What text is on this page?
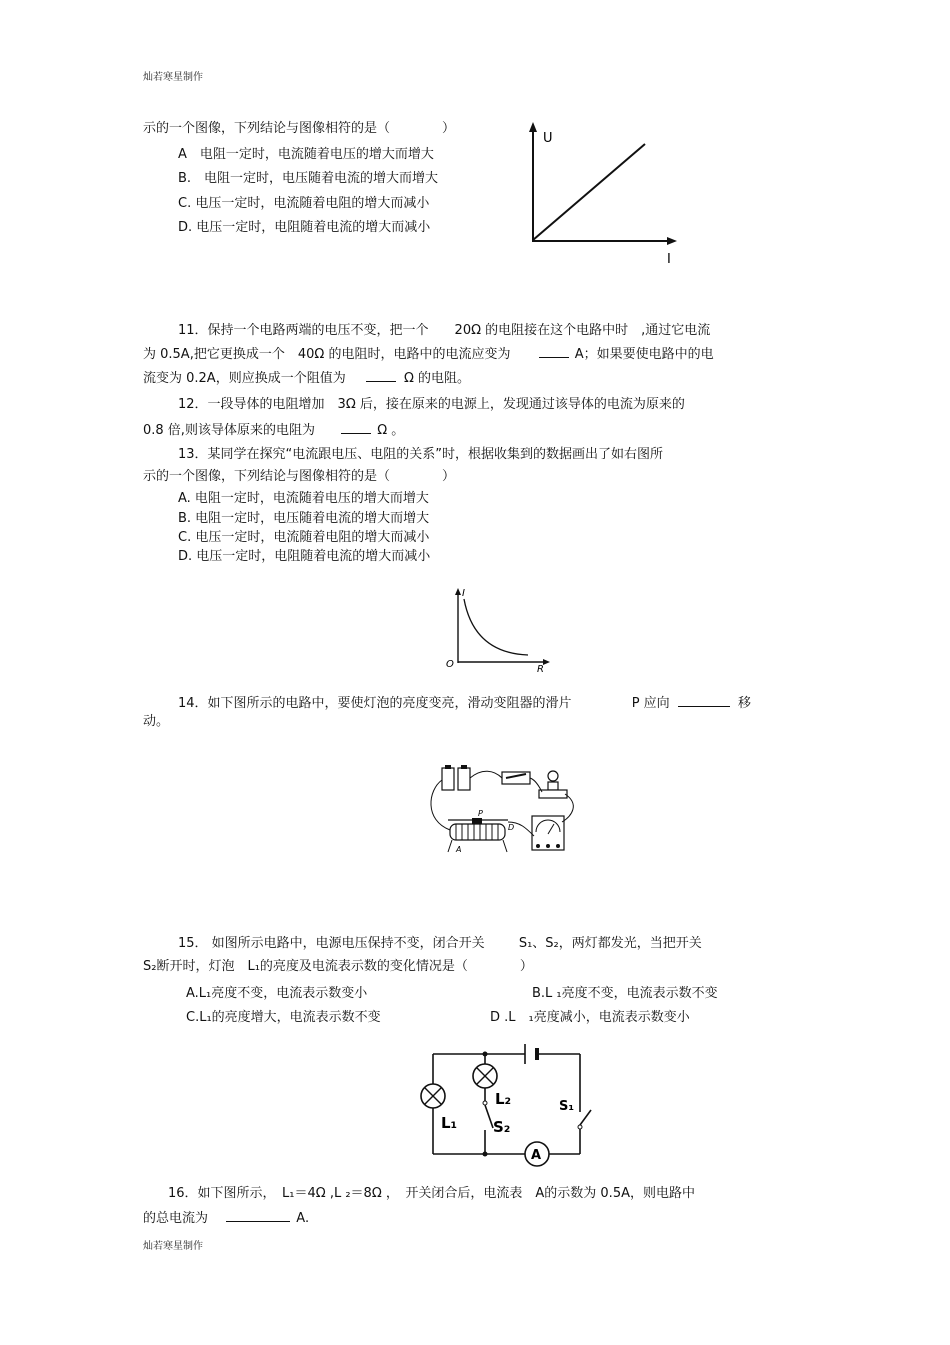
灿若寒星制作
示的一个图像，下列结论与图像相符的是（　　　　）
A　电阻一定时，电流随着电压的增大而增大
B.　电阻一定时，电压随着电流的增大而增大
C. 电压一定时，电流随着电阻的增大而减小
D. 电压一定时，电阻随着电流的增大而减小
U
I
11．保持一个电路两端的电压不变，把一个　　20Ω 的电阻接在这个电路中时　,通过它电流
为 0.5A,把它更换成一个　40Ω 的电阻时，电路中的电流应变为	A；如果要使电路中的电
流变为 0.2A，则应换成一个阻值为	Ω 的电阻。
12．一段导体的电阻增加　3Ω 后，接在原来的电源上，发现通过该导体的电流为原来的
0.8 倍,则该导体原来的电阻为	Ω 。
13．某同学在探究“电流跟电压、电阻的关系”时，根据收集到的数据画出了如右图所
示的一个图像，下列结论与图像相符的是（　　　　）
A. 电阻一定时，电流随着电压的增大而增大
B. 电阻一定时，电压随着电流的增大而增大
C. 电压一定时，电流随着电阻的增大而减小
D. 电压一定时，电阻随着电流的增大而减小
I
O	R
14．如下图所示的电路中，要使灯泡的亮度变亮，滑动变阻器的滑片	P 应向	移
动。
P
A
D
15． 如图所示电路中，电源电压保持不变，闭合开关	S₁、S₂，两灯都发光，当把开关
S₂断开时，灯泡　L₁的亮度及电流表示数的变化情况是（　　　　）
A.L₁亮度不变，电流表示数变小	B.L ₁亮度不变，电流表示数不变
C.L₁的亮度增大，电流表示数不变	D .L　₁亮度减小，电流表示数变小
A
L₁
L₂
S₂
S₁
16．如下图所示，　L₁＝4Ω ,L ₂＝8Ω ，　开关闭合后，电流表　A的示数为 0.5A，则电路中
的总电流为	A.
灿若寒星制作
